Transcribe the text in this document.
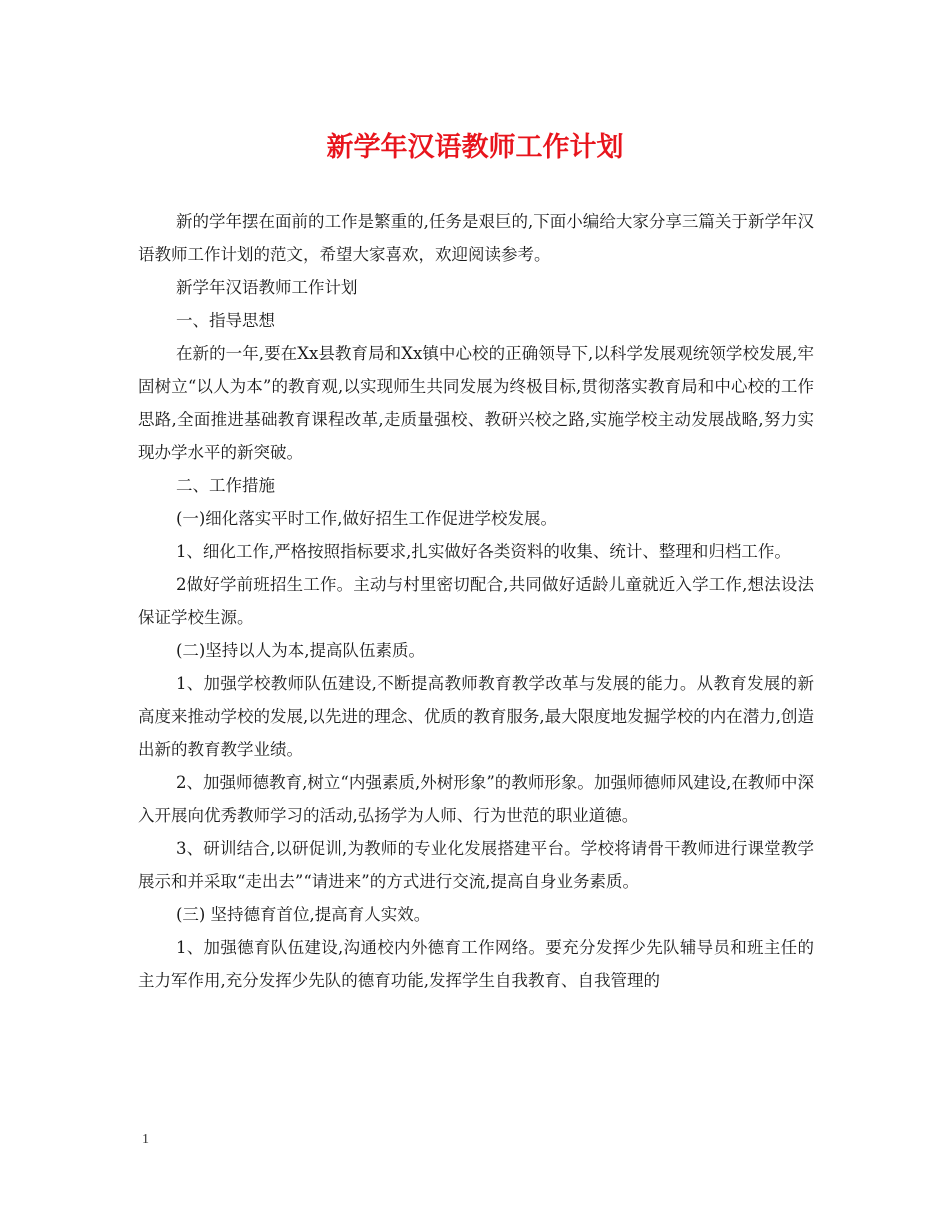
新学年汉语教师工作计划

新的学年摆在面前的工作是繁重的,任务是艰巨的,下面小编给大家分享三篇关于新学年汉语教师工作计划的范文，希望大家喜欢，欢迎阅读参考。

新学年汉语教师工作计划

一、指导思想

在新的一年,要在Xx县教育局和Xx镇中心校的正确领导下,以科学发展观统领学校发展,牢固树立“以人为本”的教育观,以实现师生共同发展为终极目标,贯彻落实教育局和中心校的工作思路,全面推进基础教育课程改革,走质量强校、教研兴校之路,实施学校主动发展战略,努力实现办学水平的新突破。

二、工作措施

(一)细化落实平时工作,做好招生工作促进学校发展。

1、细化工作,严格按照指标要求,扎实做好各类资料的收集、统计、整理和归档工作。

2做好学前班招生工作。主动与村里密切配合,共同做好适龄儿童就近入学工作,想法设法保证学校生源。

(二)坚持以人为本,提高队伍素质。

1、加强学校教师队伍建设,不断提高教师教育教学改革与发展的能力。从教育发展的新高度来推动学校的发展,以先进的理念、优质的教育服务,最大限度地发掘学校的内在潜力,创造出新的教育教学业绩。

2、加强师德教育,树立“内强素质,外树形象”的教师形象。加强师德师风建设,在教师中深入开展向优秀教师学习的活动,弘扬学为人师、行为世范的职业道德。

3、研训结合,以研促训,为教师的专业化发展搭建平台。学校将请骨干教师进行课堂教学展示和并采取“走出去”“请进来”的方式进行交流,提高自身业务素质。

(三) 坚持德育首位,提高育人实效。

1、加强德育队伍建设,沟通校内外德育工作网络。要充分发挥少先队辅导员和班主任的主力军作用,充分发挥少先队的德育功能,发挥学生自我教育、自我管理的

1
